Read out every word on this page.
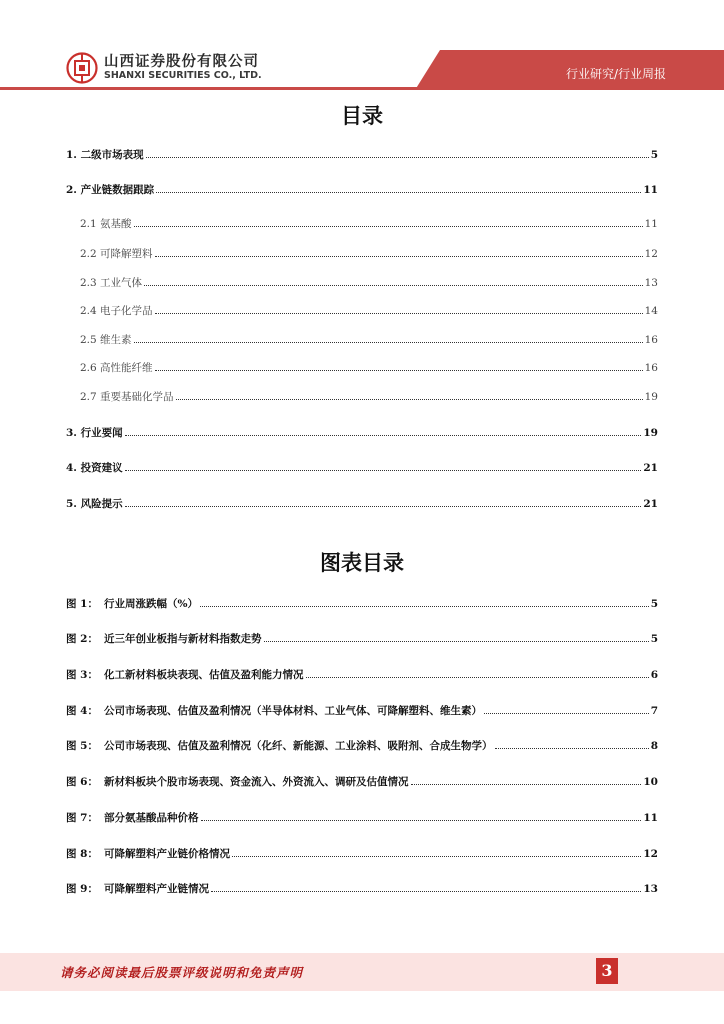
山西证券股份有限公司
SHANXI SECURITIES CO., LTD.	行业研究/行业周报
目录
1. 二级市场表现	5
2. 产业链数据跟踪	11
2.1 氨基酸	11
2.2 可降解塑料	12
2.3 工业气体	13
2.4 电子化学品	14
2.5 维生素	16
2.6 高性能纤维	16
2.7 重要基础化学品	19
3. 行业要闻	19
4. 投资建议	21
5. 风险提示	21
图表目录
图 1： 行业周涨跌幅（%）	5
图 2： 近三年创业板指与新材料指数走势	5
图 3： 化工新材料板块表现、估值及盈利能力情况	6
图 4： 公司市场表现、估值及盈利情况（半导体材料、工业气体、可降解塑料、维生素）	7
图 5： 公司市场表现、估值及盈利情况（化纤、新能源、工业涂料、吸附剂、合成生物学）	8
图 6： 新材料板块个股市场表现、资金流入、外资流入、调研及估值情况	10
图 7： 部分氨基酸品种价格	11
图 8： 可降解塑料产业链价格情况	12
图 9： 可降解塑料产业链情况	13
请务必阅读最后股票评级说明和免责声明	3
